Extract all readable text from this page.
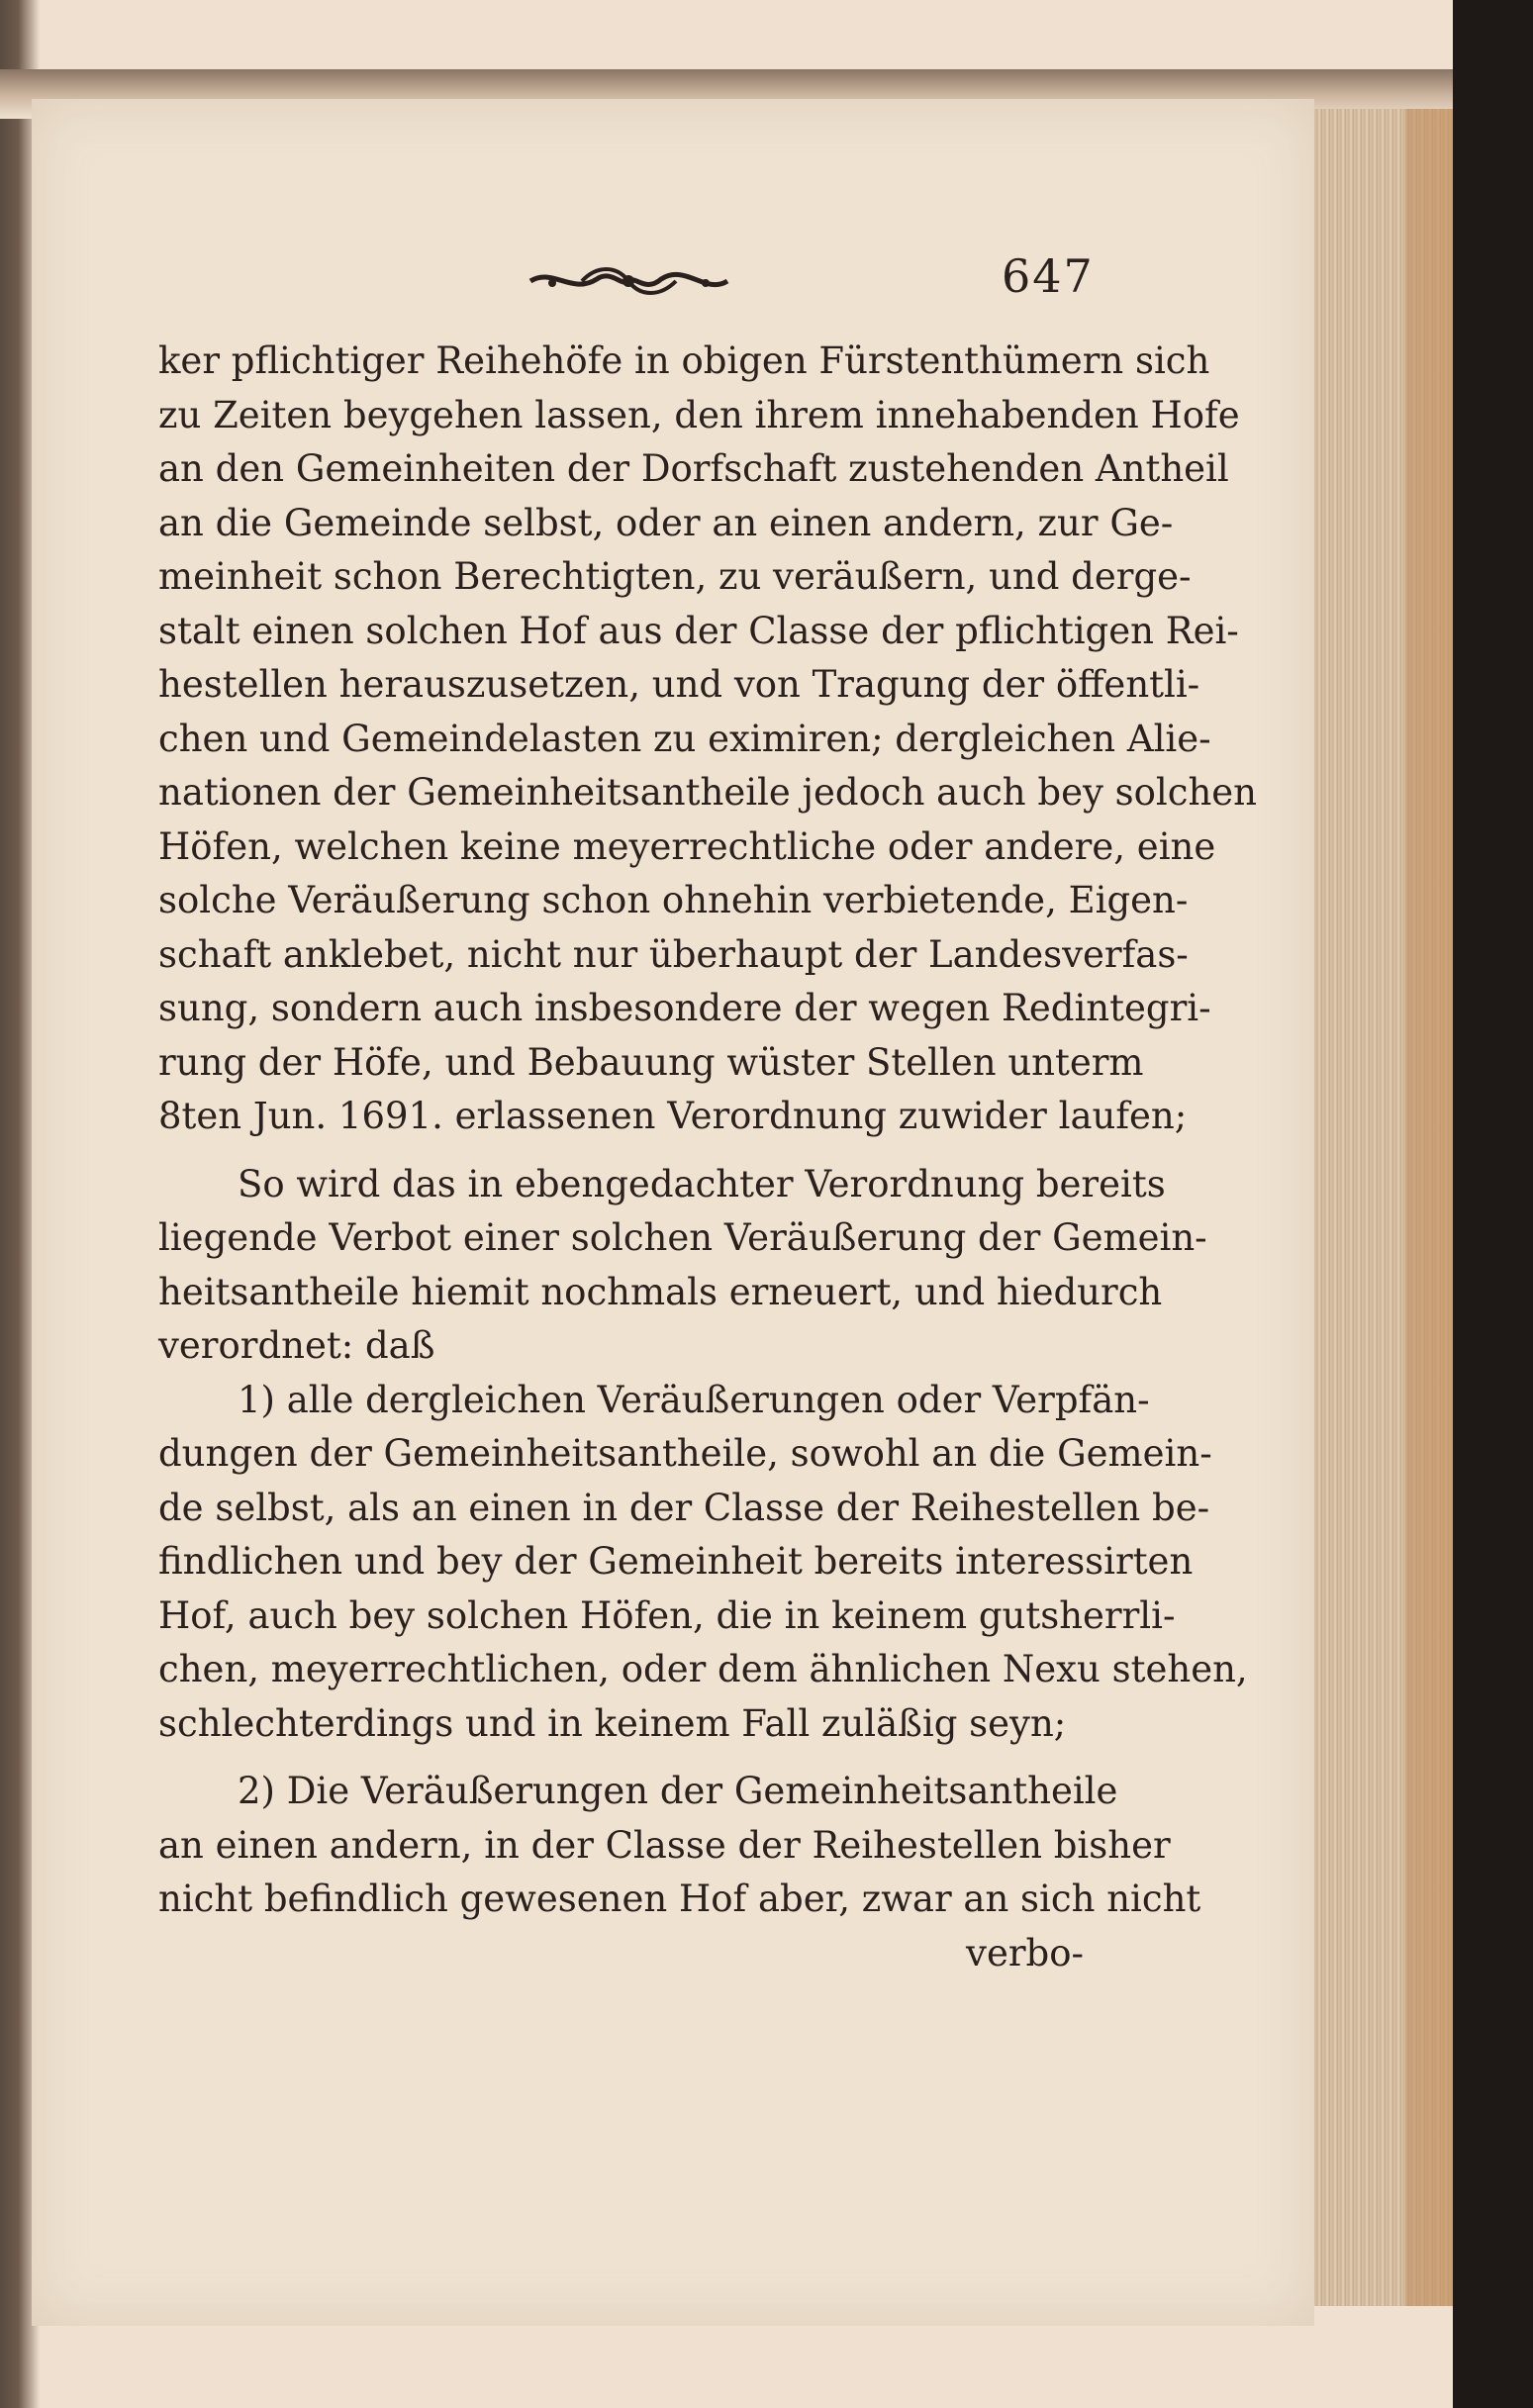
647
ker pflichtiger Reihehöfe in obigen Fürstenthümern sich
zu Zeiten beygehen lassen, den ihrem innehabenden Hofe
an den Gemeinheiten der Dorfschaft zustehenden Antheil
an die Gemeinde selbst, oder an einen andern, zur Ge-
meinheit schon Berechtigten, zu veräußern, und derge-
stalt einen solchen Hof aus der Classe der pflichtigen Rei-
hestellen herauszusetzen, und von Tragung der öffentli-
chen und Gemeindelasten zu eximiren; dergleichen Alie-
nationen der Gemeinheitsantheile jedoch auch bey solchen
Höfen, welchen keine meyerrechtliche oder andere, eine
solche Veräußerung schon ohnehin verbietende, Eigen-
schaft anklebet, nicht nur überhaupt der Landesverfas-
sung, sondern auch insbesondere der wegen Redintegri-
rung der Höfe, und Bebauung wüster Stellen unterm
8ten Jun. 1691. erlassenen Verordnung zuwider laufen;
So wird das in ebengedachter Verordnung bereits
liegende Verbot einer solchen Veräußerung der Gemein-
heitsantheile hiemit nochmals erneuert, und hiedurch
verordnet: daß
1) alle dergleichen Veräußerungen oder Verpfän-
dungen der Gemeinheitsantheile, sowohl an die Gemein-
de selbst, als an einen in der Classe der Reihestellen be-
findlichen und bey der Gemeinheit bereits interessirten
Hof, auch bey solchen Höfen, die in keinem gutsherrli-
chen, meyerrechtlichen, oder dem ähnlichen Nexu stehen,
schlechterdings und in keinem Fall zuläßig seyn;
2) Die Veräußerungen der Gemeinheitsantheile
an einen andern, in der Classe der Reihestellen bisher
nicht befindlich gewesenen Hof aber, zwar an sich nicht
verbo-
